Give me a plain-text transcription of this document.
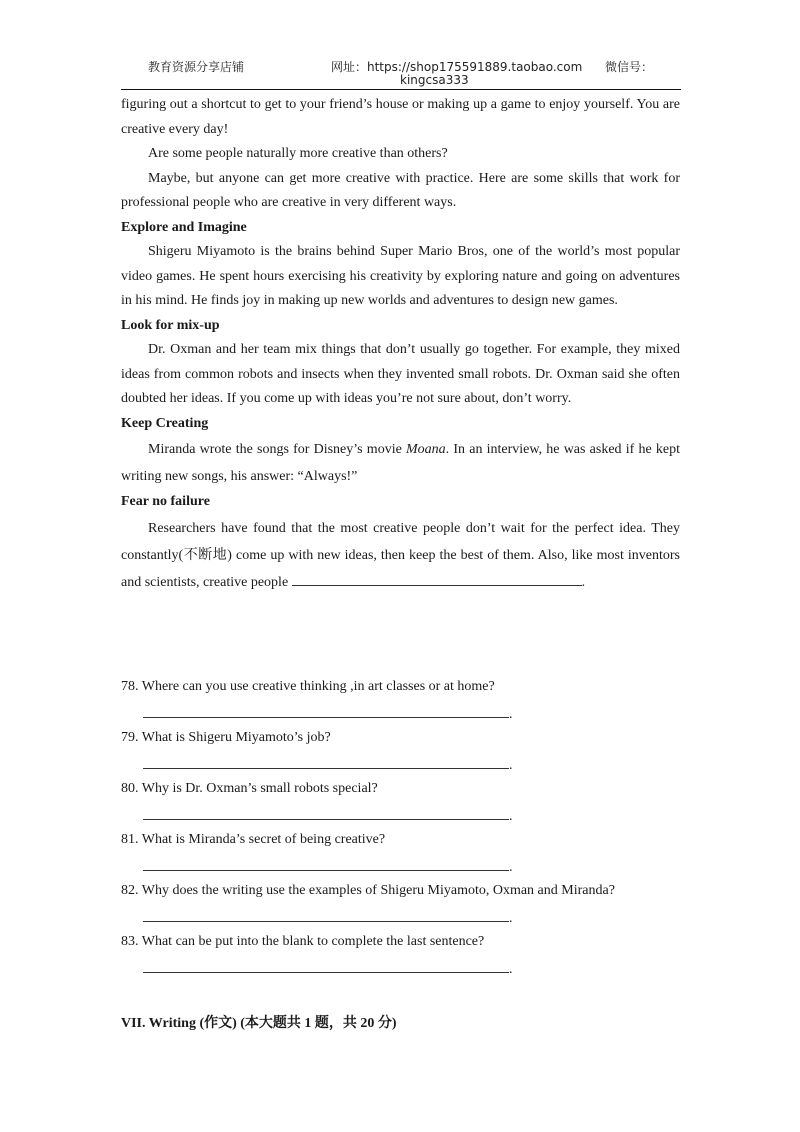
教育资源分享店铺	网址：https://shop175591889.taobao.com 微信号：
kingcsa333

figuring out a shortcut to get to your friend’s house or making up a game to enjoy yourself. You are creative every day!

Are some people naturally more creative than others?

Maybe, but anyone can get more creative with practice. Here are some skills that work for professional people who are creative in very different ways.

Explore and Imagine

Shigeru Miyamoto is the brains behind Super Mario Bros, one of the world’s most popular video games. He spent hours exercising his creativity by exploring nature and going on adventures in his mind. He finds joy in making up new worlds and adventures to design new games.

Look for mix-up

Dr. Oxman and her team mix things that don’t usually go together. For example, they mixed ideas from common robots and insects when they invented small robots. Dr. Oxman said she often doubted her ideas. If you come up with ideas you’re not sure about, don’t worry.

Keep Creating

Miranda wrote the songs for Disney’s movie Moana. In an interview, he was asked if he kept writing new songs, his answer: “Always!”

Fear no failure

Researchers have found that the most creative people don’t wait for the perfect idea. They constantly(不断地) come up with new ideas, then keep the best of them. Also, like most inventors and scientists, creative people	.

78. Where can you use creative thinking ,in art classes or at home?
.
79. What is Shigeru Miyamoto’s job?
.
80. Why is Dr. Oxman’s small robots special?
.
81. What is Miranda’s secret of being creative?
.
82. Why does the writing use the examples of Shigeru Miyamoto, Oxman and Miranda?
.
83. What can be put into the blank to complete the last sentence?
.
VII. Writing (作文) (本大题共 1 题，共 20 分)
